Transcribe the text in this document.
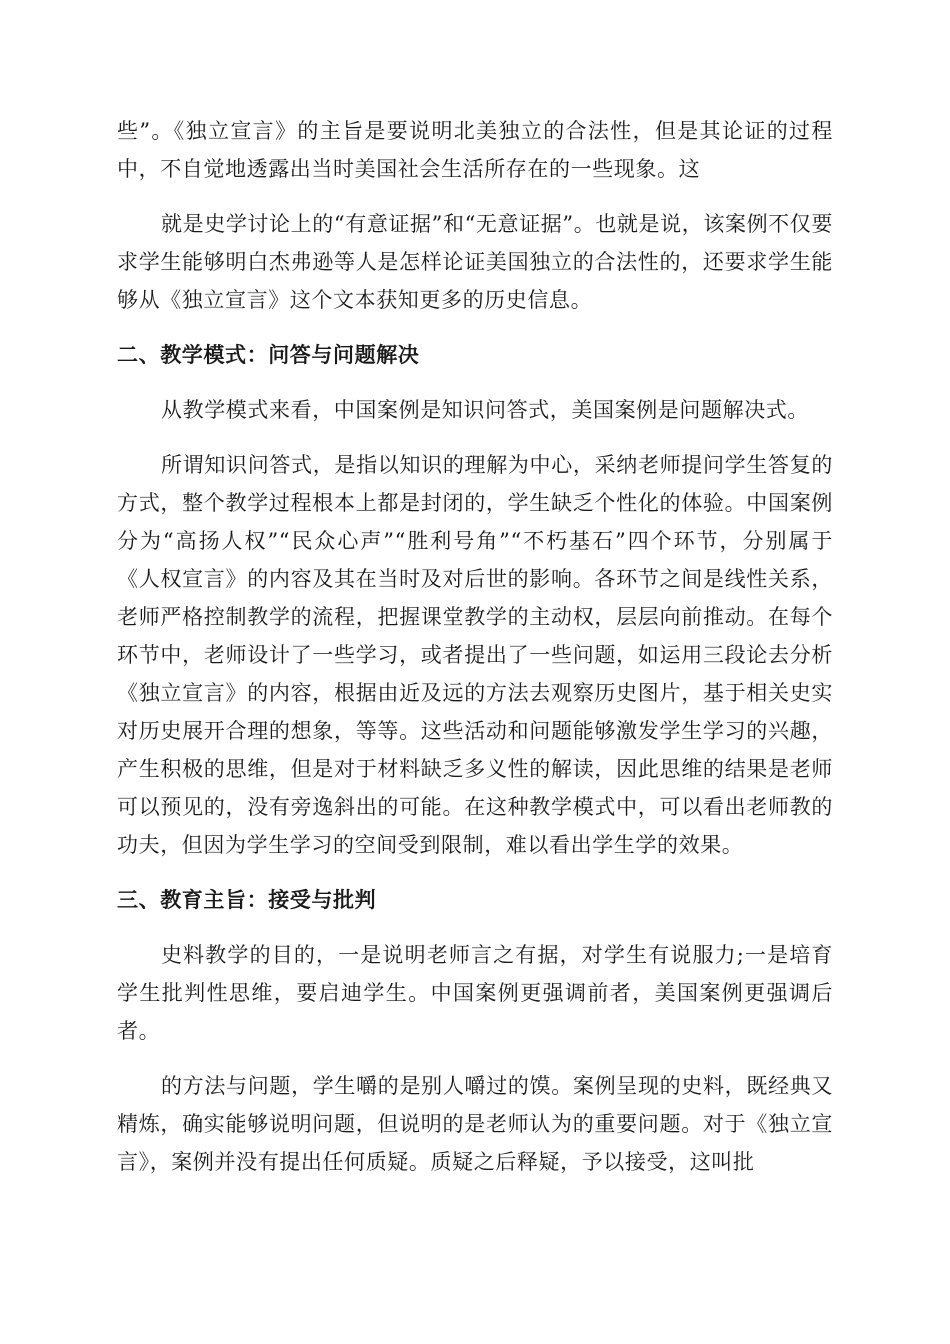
些”。《独立宣言》的主旨是要说明北美独立的合法性，但是其论证的过程中，不自觉地透露出当时美国社会生活所存在的一些现象。这

就是史学讨论上的“有意证据”和“无意证据”。也就是说，该案例不仅要求学生能够明白杰弗逊等人是怎样论证美国独立的合法性的，还要求学生能够从《独立宣言》这个文本获知更多的历史信息。

二、教学模式：问答与问题解决

从教学模式来看，中国案例是知识问答式，美国案例是问题解决式。

所谓知识问答式，是指以知识的理解为中心，采纳老师提问学生答复的方式，整个教学过程根本上都是封闭的，学生缺乏个性化的体验。中国案例分为“高扬人权”“民众心声”“胜利号角”“不朽基石”四个环节，分别属于《人权宣言》的内容及其在当时及对后世的影响。各环节之间是线性关系，老师严格控制教学的流程，把握课堂教学的主动权，层层向前推动。在每个环节中，老师设计了一些学习，或者提出了一些问题，如运用三段论去分析《独立宣言》的内容，根据由近及远的方法去观察历史图片，基于相关史实对历史展开合理的想象，等等。这些活动和问题能够激发学生学习的兴趣，产生积极的思维，但是对于材料缺乏多义性的解读，因此思维的结果是老师可以预见的，没有旁逸斜出的可能。在这种教学模式中，可以看出老师教的功夫，但因为学生学习的空间受到限制，难以看出学生学的效果。

三、教育主旨：接受与批判

史料教学的目的，一是说明老师言之有据，对学生有说服力;一是培育学生批判性思维，要启迪学生。中国案例更强调前者，美国案例更强调后者。

的方法与问题，学生嚼的是别人嚼过的馍。案例呈现的史料，既经典又精炼，确实能够说明问题，但说明的是老师认为的重要问题。对于《独立宣言》，案例并没有提出任何质疑。质疑之后释疑，予以接受，这叫批
